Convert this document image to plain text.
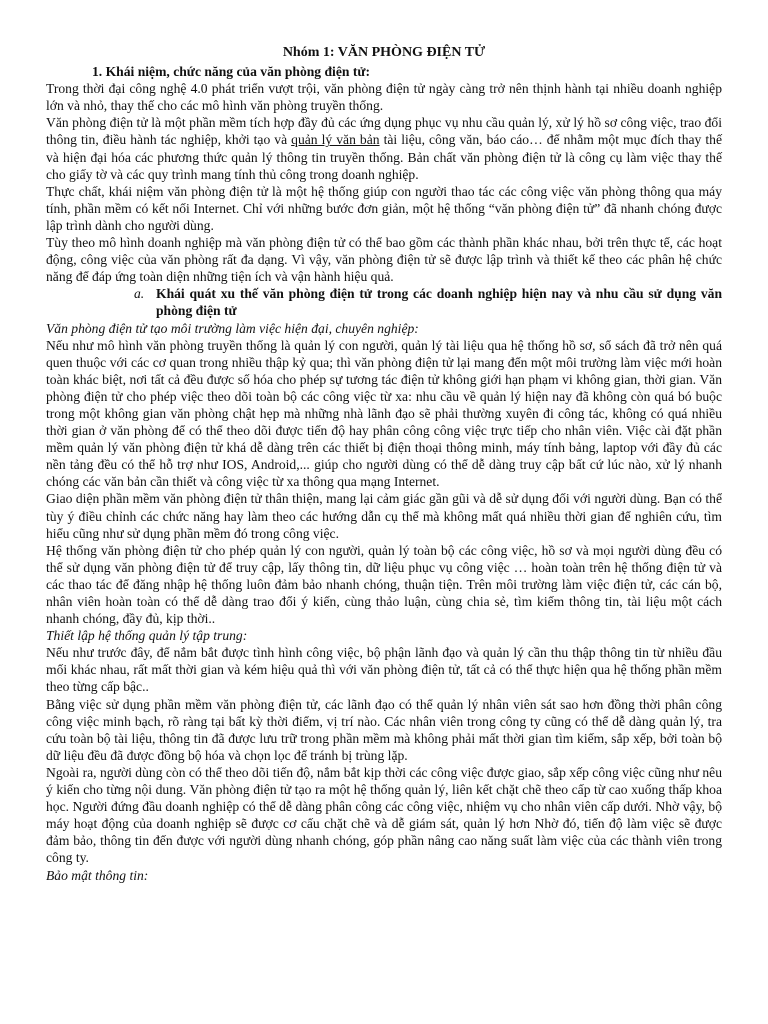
Nhóm 1: VĂN PHÒNG ĐIỆN TỬ

1. Khái niệm, chức năng của văn phòng điện tử:

Trong thời đại công nghệ 4.0 phát triển vượt trội, văn phòng điện tử ngày càng trở nên thịnh hành tại nhiều doanh nghiệp lớn và nhỏ, thay thế cho các mô hình văn phòng truyền thống.

Văn phòng điện tử là một phần mềm tích hợp đầy đủ các ứng dụng phục vụ nhu cầu quản lý, xử lý hồ sơ công việc, trao đổi thông tin, điều hành tác nghiệp, khởi tạo và quản lý văn bản tài liệu, công văn, báo cáo… để nhằm một mục đích thay thế và hiện đại hóa các phương thức quản lý thông tin truyền thống. Bản chất văn phòng điện tử là công cụ làm việc thay thế cho giấy tờ và các quy trình mang tính thủ công trong doanh nghiệp.

Thực chất, khái niệm văn phòng điện tử là một hệ thống giúp con người thao tác các công việc văn phòng thông qua máy tính, phần mềm có kết nối Internet. Chỉ với những bước đơn giản, một hệ thống “văn phòng điện tử” đã nhanh chóng được lập trình dành cho người dùng.

Tùy theo mô hình doanh nghiệp mà văn phòng điện tử có thể bao gồm các thành phần khác nhau, bởi trên thực tế, các hoạt động, công việc của văn phòng rất đa dạng. Vì vậy, văn phòng điện tử sẽ được lập trình và thiết kế theo các phân hệ chức năng để đáp ứng toàn diện những tiện ích và vận hành hiệu quả.

a. Khái quát xu thế văn phòng điện tử trong các doanh nghiệp hiện nay và nhu cầu sử dụng văn phòng điện tử

Văn phòng điện tử tạo môi trường làm việc hiện đại, chuyên nghiệp:

Nếu như mô hình văn phòng truyền thống là quản lý con người, quản lý tài liệu qua hệ thống hồ sơ, sổ sách đã trở nên quá quen thuộc với các cơ quan trong nhiều thập kỷ qua; thì văn phòng điện tử lại mang đến một môi trường làm việc mới hoàn toàn khác biệt, nơi tất cả đều được số hóa cho phép sự tương tác điện tử không giới hạn phạm vi không gian, thời gian. Văn phòng điện tử cho phép việc theo dõi toàn bộ các công việc từ xa: nhu cầu về quản lý hiện nay đã không còn quá bó buộc trong một không gian văn phòng chật hẹp mà những nhà lãnh đạo sẽ phải thường xuyên đi công tác, không có quá nhiều thời gian ở văn phòng để có thể theo dõi được tiến độ hay phân công công việc trực tiếp cho nhân viên. Việc cài đặt phần mềm quản lý văn phòng điện tử khá dễ dàng trên các thiết bị điện thoại thông minh, máy tính bảng, laptop với đầy đủ các nền tảng đều có thể hỗ trợ như IOS, Android,... giúp cho người dùng có thể dễ dàng truy cập bất cứ lúc nào, xử lý nhanh chóng các văn bản cần thiết và công việc từ xa thông qua mạng Internet.

Giao diện phần mềm văn phòng điện tử thân thiện, mang lại cảm giác gần gũi và dễ sử dụng đối với người dùng. Bạn có thể tùy ý điều chỉnh các chức năng hay làm theo các hướng dẫn cụ thể mà không mất quá nhiều thời gian để nghiên cứu, tìm hiểu cũng như sử dụng phần mềm đó trong công việc.

Hệ thống văn phòng điện tử cho phép quản lý con người, quản lý toàn bộ các công việc, hồ sơ và mọi người dùng đều có thể sử dụng văn phòng điện tử để truy cập, lấy thông tin, dữ liệu phục vụ công việc … hoàn toàn trên hệ thống điện tử và các thao tác để đăng nhập hệ thống luôn đảm bảo nhanh chóng, thuận tiện. Trên môi trường làm việc điện tử, các cán bộ, nhân viên hoàn toàn có thể dễ dàng trao đổi ý kiến, cùng thảo luận, cùng chia sẻ, tìm kiếm thông tin, tài liệu một cách nhanh chóng, đầy đủ, kịp thời..

Thiết lập hệ thống quản lý tập trung:

Nếu như trước đây, để nắm bắt được tình hình công việc, bộ phận lãnh đạo và quản lý cần thu thập thông tin từ nhiều đầu mối khác nhau, rất mất thời gian và kém hiệu quả thì với văn phòng điện tử, tất cả có thể thực hiện qua hệ thống phần mềm theo từng cấp bậc..

Bằng việc sử dụng phần mềm văn phòng điện tử, các lãnh đạo có thể quản lý nhân viên sát sao hơn đồng thời phân công công việc minh bạch, rõ ràng tại bất kỳ thời điểm, vị trí nào. Các nhân viên trong công ty cũng có thể dễ dàng quản lý, tra cứu toàn bộ tài liệu, thông tin đã được lưu trữ trong phần mềm mà không phải mất thời gian tìm kiếm, sắp xếp, bởi toàn bộ dữ liệu đều đã được đồng bộ hóa và chọn lọc để tránh bị trùng lặp.

Ngoài ra, người dùng còn có thể theo dõi tiến độ, nắm bắt kịp thời các công việc được giao, sắp xếp công việc cũng như nêu ý kiến cho từng nội dung. Văn phòng điện tử tạo ra một hệ thống quản lý, liên kết chặt chẽ theo cấp từ cao xuống thấp khoa học. Người đứng đầu doanh nghiệp có thể dễ dàng phân công các công việc, nhiệm vụ cho nhân viên cấp dưới. Nhờ vậy, bộ máy hoạt động của doanh nghiệp sẽ được cơ cấu chặt chẽ và dễ giám sát, quản lý hơn Nhờ đó, tiến độ làm việc sẽ được đảm bảo, thông tin đến được với người dùng nhanh chóng, góp phần nâng cao năng suất làm việc của các thành viên trong công ty.

Bảo mật thông tin:
